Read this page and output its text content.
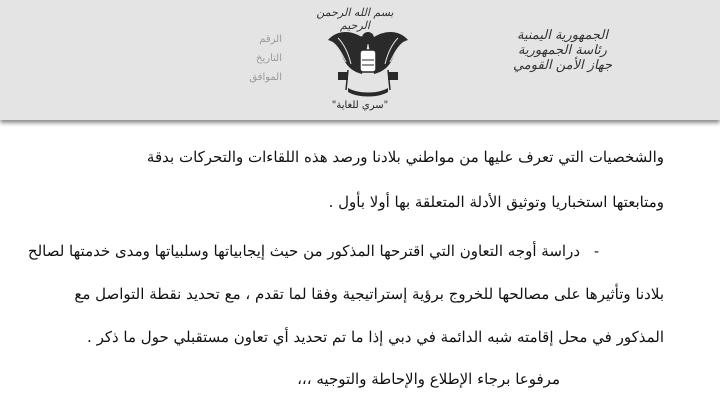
بسم الله الرحمن الرحيم
الرقم
التاريخ
الموافق
"سري للغاية"
الجمهورية اليمنية
رئاسة الجمهورية
جهاز الأمن القومي
والشخصيات التي تعرف عليها من مواطني بلادنا ورصد هذه اللقاءات والتحركات بدقة
ومتابعتها استخباريا وتوثيق الأدلة المتعلقة بها أولا بأول .
-
دراسة أوجه التعاون التي اقترحها المذكور من حيث إيجابياتها وسلبياتها ومدى خدمتها لصالح
بلادنا وتأثيرها على مصالحها للخروج برؤية إستراتيجية وفقا لما تقدم ، مع تحديد نقطة التواصل مع
المذكور في محل إقامته شبه الدائمة في دبي إذا ما تم تحديد أي تعاون مستقبلي حول ما ذكر .
مرفوعا برجاء الإطلاع والإحاطة والتوجيه ،،،
